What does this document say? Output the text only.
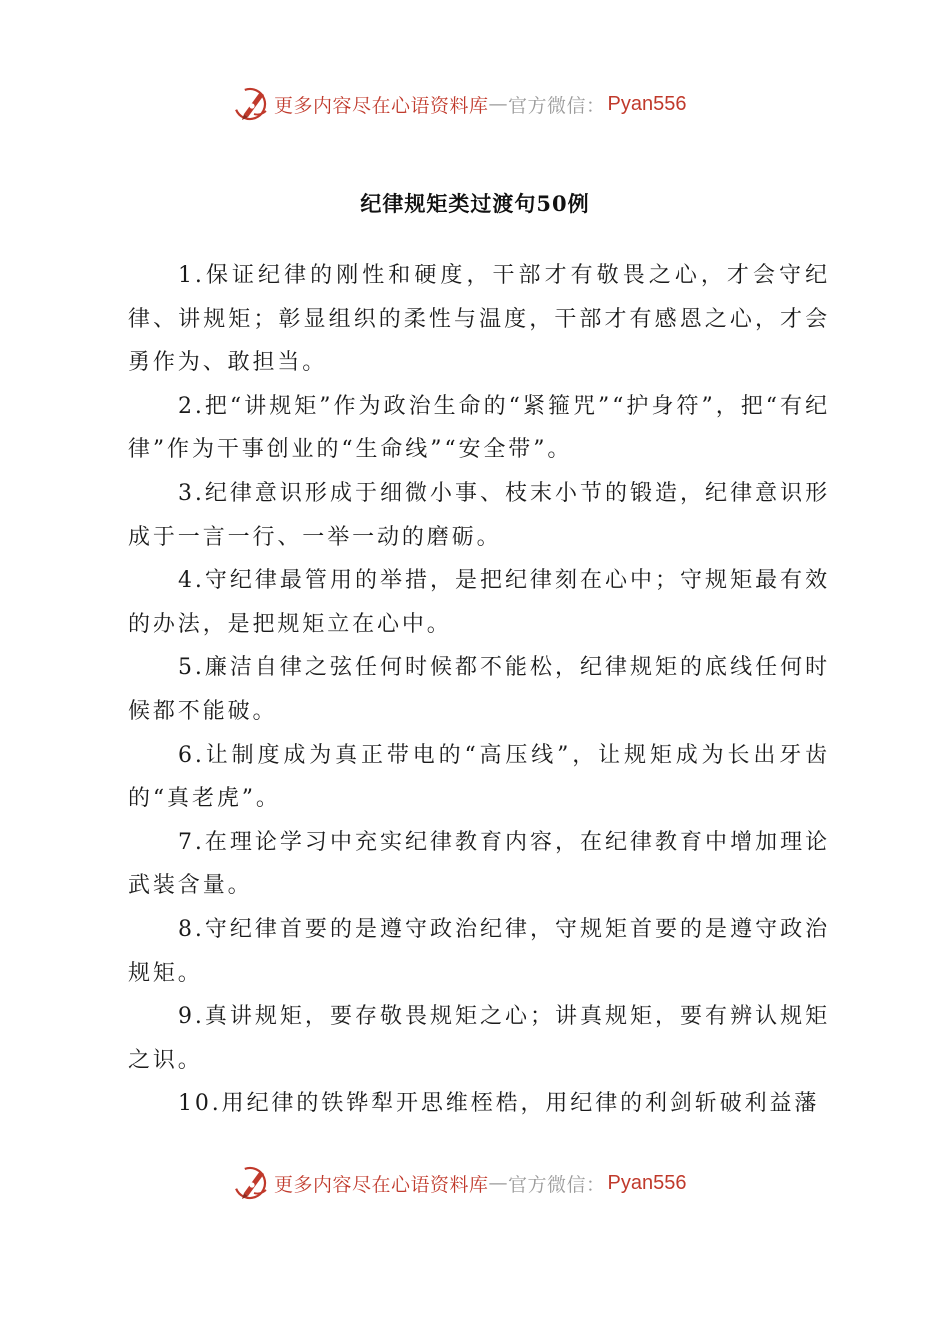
更多内容尽在心语资料库 — 官方微信： Pyan556
纪律规矩类过渡句50例

1.保证纪律的刚性和硬度，干部才有敬畏之心，才会守纪律、讲规矩；彰显组织的柔性与温度，干部才有感恩之心，才会勇作为、敢担当。

2.把“讲规矩”作为政治生命的“紧箍咒”“护身符”，把“有纪律”作为干事创业的“生命线”“安全带”。

3.纪律意识形成于细微小事、枝末小节的锻造，纪律意识形成于一言一行、一举一动的磨砺。

4.守纪律最管用的举措，是把纪律刻在心中；守规矩最有效的办法，是把规矩立在心中。

5.廉洁自律之弦任何时候都不能松，纪律规矩的底线任何时候都不能破。

6.让制度成为真正带电的“高压线”，让规矩成为长出牙齿的“真老虎”。

7.在理论学习中充实纪律教育内容，在纪律教育中增加理论武装含量。

8.守纪律首要的是遵守政治纪律，守规矩首要的是遵守政治规矩。

9.真讲规矩，要存敬畏规矩之心；讲真规矩，要有辨认规矩之识。

10.用纪律的铁铧犁开思维桎梏，用纪律的利剑斩破利益藩

更多内容尽在心语资料库 — 官方微信： Pyan556
